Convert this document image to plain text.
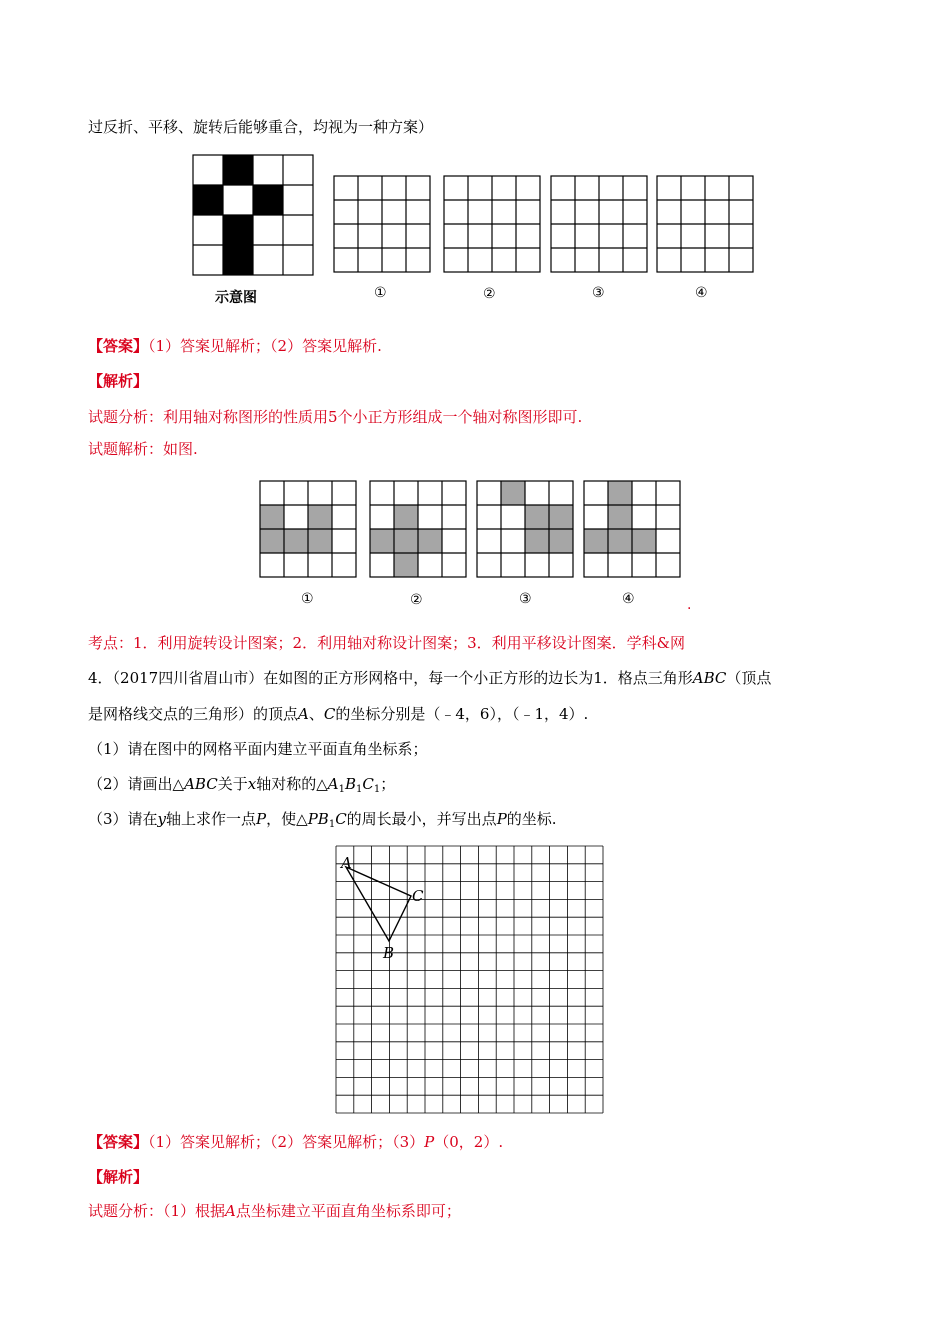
过反折、平移、旋转后能够重合，均视为一种方案）
示意图	①	②	③	④
【答案】（1）答案见解析；（2）答案见解析.
【解析】
试题分析：利用轴对称图形的性质用5个小正方形组成一个轴对称图形即可.
试题解析：如图.
①	②	③	④	.
考点：1．利用旋转设计图案；2．利用轴对称设计图案；3．利用平移设计图案．学科&网
4．（2017四川省眉山市）在如图的正方形网格中，每一个小正方形的边长为1．格点三角形ABC（顶点
是网格线交点的三角形）的顶点A、C的坐标分别是（﹣4，6），（﹣1，4）.
（1）请在图中的网格平面内建立平面直角坐标系；
（2）请画出△ABC关于x轴对称的$\triangle A_1B_1C_1$；
（3）请在y轴上求作一点P，使$\triangle PB_1C$的周长最小，并写出点P的坐标.
A
C
B
【答案】（1）答案见解析；（2）答案见解析；（3）P（0，2）.
【解析】
试题分析：（1）根据A点坐标建立平面直角坐标系即可；
